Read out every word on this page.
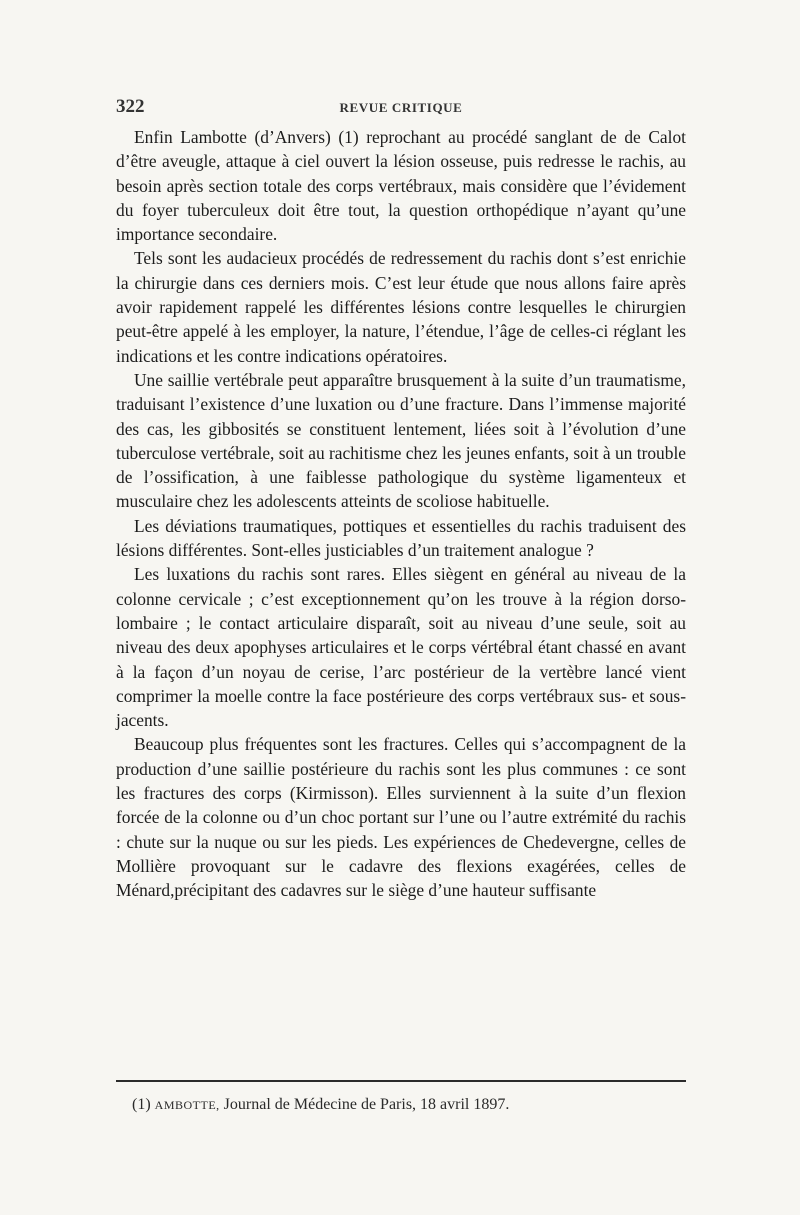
322	REVUE CRITIQUE

Enfin Lambotte (d’Anvers) (1) reprochant au procédé sanglant de de Calot d’être aveugle, attaque à ciel ouvert la lésion osseuse, puis redresse le rachis, au besoin après section totale des corps vertébraux, mais considère que l’évidement du foyer tuberculeux doit être tout, la question orthopédique n’ayant qu’une importance secondaire.

Tels sont les audacieux procédés de redressement du rachis dont s’est enrichie la chirurgie dans ces derniers mois. C’est leur étude que nous allons faire après avoir rapidement rappelé les différentes lésions contre lesquelles le chirurgien peut-être appelé à les employer, la nature, l’étendue, l’âge de celles-ci réglant les indications et les contre indications opératoires.

Une saillie vertébrale peut apparaître brusquement à la suite d’un traumatisme, traduisant l’existence d’une luxation ou d’une fracture. Dans l’immense majorité des cas, les gibbosités se constituent lentement, liées soit à l’évolution d’une tuberculose vertébrale, soit au rachitisme chez les jeunes enfants, soit à un trouble de l’ossification, à une faiblesse pathologique du système ligamenteux et musculaire chez les adolescents atteints de scoliose habituelle.

Les déviations traumatiques, pottiques et essentielles du rachis traduisent des lésions différentes. Sont-elles justiciables d’un traitement analogue ?

Les luxations du rachis sont rares. Elles siègent en général au niveau de la colonne cervicale ; c’est exceptionnement qu’on les trouve à la région dorso-lombaire ; le contact articulaire disparaît, soit au niveau d’une seule, soit au niveau des deux apophyses articulaires et le corps vértébral étant chassé en avant à la façon d’un noyau de cerise, l’arc postérieur de la vertèbre lancé vient comprimer la moelle contre la face postérieure des corps vertébraux sus- et sous-jacents.

Beaucoup plus fréquentes sont les fractures. Celles qui s’accompagnent de la production d’une saillie postérieure du rachis sont les plus communes : ce sont les fractures des corps (Kirmisson). Elles surviennent à la suite d’un flexion forcée de la colonne ou d’un choc portant sur l’une ou l’autre extrémité du rachis : chute sur la nuque ou sur les pieds. Les expériences de Chedevergne, celles de Mollière provoquant sur le cadavre des flexions exagérées, celles de Ménard,précipitant des cadavres sur le siège d’une hauteur suffisante

(1) AMBOTTE, Journal de Médecine de Paris, 18 avril 1897.
